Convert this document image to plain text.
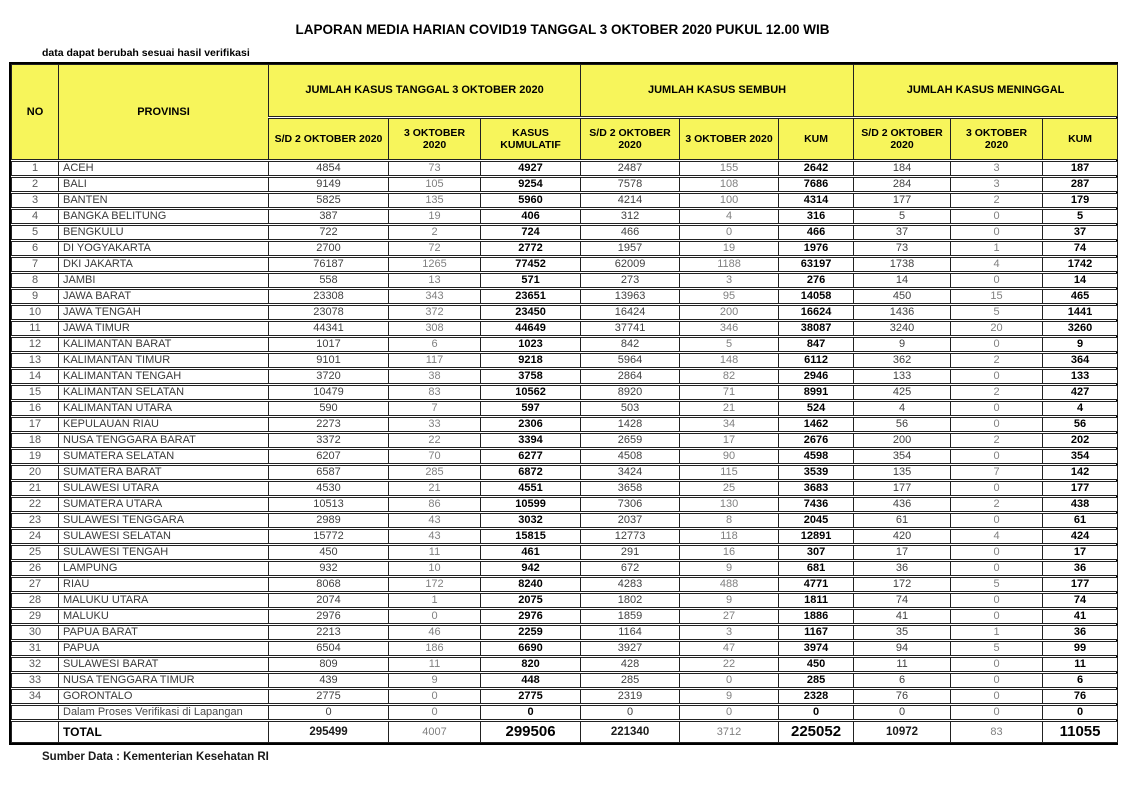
LAPORAN MEDIA HARIAN COVID19 TANGGAL 3 OKTOBER 2020 PUKUL 12.00 WIB
data dapat berubah sesuai hasil verifikasi
NO	PROVINSI	JUMLAH KASUS TANGGAL 3 OKTOBER 2020			JUMLAH KASUS SEMBUH			JUMLAH KASUS MENINGGAL		
		S/D 2 OKTOBER 2020	3 OKTOBER 2020	KASUS KUMULATIF	S/D 2 OKTOBER 2020	3 OKTOBER 2020	KUM	S/D 2 OKTOBER 2020	3 OKTOBER 2020	KUM
1	ACEH	4854	73	4927	2487	155	2642	184	3	187
2	BALI	9149	105	9254	7578	108	7686	284	3	287
3	BANTEN	5825	135	5960	4214	100	4314	177	2	179
4	BANGKA BELITUNG	387	19	406	312	4	316	5	0	5
5	BENGKULU	722	2	724	466	0	466	37	0	37
6	DI YOGYAKARTA	2700	72	2772	1957	19	1976	73	1	74
7	DKI JAKARTA	76187	1265	77452	62009	1188	63197	1738	4	1742
8	JAMBI	558	13	571	273	3	276	14	0	14
9	JAWA BARAT	23308	343	23651	13963	95	14058	450	15	465
10	JAWA TENGAH	23078	372	23450	16424	200	16624	1436	5	1441
11	JAWA TIMUR	44341	308	44649	37741	346	38087	3240	20	3260
12	KALIMANTAN BARAT	1017	6	1023	842	5	847	9	0	9
13	KALIMANTAN TIMUR	9101	117	9218	5964	148	6112	362	2	364
14	KALIMANTAN TENGAH	3720	38	3758	2864	82	2946	133	0	133
15	KALIMANTAN SELATAN	10479	83	10562	8920	71	8991	425	2	427
16	KALIMANTAN UTARA	590	7	597	503	21	524	4	0	4
17	KEPULAUAN RIAU	2273	33	2306	1428	34	1462	56	0	56
18	NUSA TENGGARA BARAT	3372	22	3394	2659	17	2676	200	2	202
19	SUMATERA SELATAN	6207	70	6277	4508	90	4598	354	0	354
20	SUMATERA BARAT	6587	285	6872	3424	115	3539	135	7	142
21	SULAWESI UTARA	4530	21	4551	3658	25	3683	177	0	177
22	SUMATERA UTARA	10513	86	10599	7306	130	7436	436	2	438
23	SULAWESI TENGGARA	2989	43	3032	2037	8	2045	61	0	61
24	SULAWESI SELATAN	15772	43	15815	12773	118	12891	420	4	424
25	SULAWESI TENGAH	450	11	461	291	16	307	17	0	17
26	LAMPUNG	932	10	942	672	9	681	36	0	36
27	RIAU	8068	172	8240	4283	488	4771	172	5	177
28	MALUKU UTARA	2074	1	2075	1802	9	1811	74	0	74
29	MALUKU	2976	0	2976	1859	27	1886	41	0	41
30	PAPUA BARAT	2213	46	2259	1164	3	1167	35	1	36
31	PAPUA	6504	186	6690	3927	47	3974	94	5	99
32	SULAWESI BARAT	809	11	820	428	22	450	11	0	11
33	NUSA TENGGARA TIMUR	439	9	448	285	0	285	6	0	6
34	GORONTALO	2775	0	2775	2319	9	2328	76	0	76
	Dalam Proses Verifikasi di Lapangan	0	0	0	0	0	0	0	0	0
	TOTAL	295499	4007	299506	221340	3712	225052	10972	83	11055
Sumber Data : Kementerian Kesehatan RI
